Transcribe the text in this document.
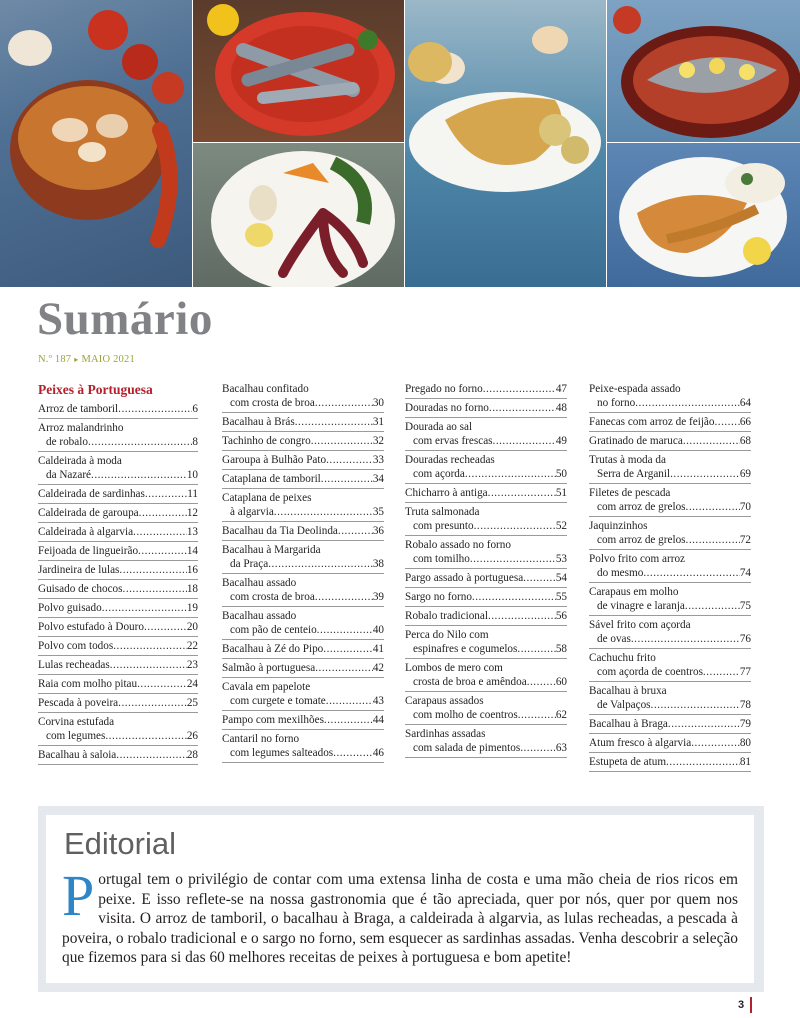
Sumário
N.º 187 ▸ MAIO 2021
Peixes à Portuguesa
Arroz de tamboril .....	6
Arroz malandrinho
de robalo .....	8
Caldeirada à moda
da Nazaré .....	10
Caldeirada de sardinhas .....	11
Caldeirada de garoupa .....	12
Caldeirada à algarvia .....	13
Feijoada de lingueirão .....	14
Jardineira de lulas .....	16
Guisado de chocos .....	18
Polvo guisado .....	19
Polvo estufado à Douro .....	20
Polvo com todos .....	22
Lulas recheadas .....	23
Raia com molho pitau .....	24
Pescada à poveira .....	25
Corvina estufada
com legumes .....	26
Bacalhau à saloia .....	28
Bacalhau confitado
com crosta de broa .....	30
Bacalhau à Brás .....	31
Tachinho de congro .....	32
Garoupa à Bulhão Pato .....	33
Cataplana de tamboril .....	34
Cataplana de peixes
à algarvia .....	35
Bacalhau da Tia Deolinda .....	36
Bacalhau à Margarida
da Praça .....	38
Bacalhau assado
com crosta de broa .....	39
Bacalhau assado
com pão de centeio .....	40
Bacalhau à Zé do Pipo .....	41
Salmão à portuguesa .....	42
Cavala em papelote
com curgete e tomate .....	43
Pampo com mexilhões .....	44
Cantaril no forno
com legumes salteados .....	46
Pregado no forno .....	47
Douradas no forno .....	48
Dourada ao sal
com ervas frescas .....	49
Douradas recheadas
com açorda .....	50
Chicharro à antiga .....	51
Truta salmonada
com presunto .....	52
Robalo assado no forno
com tomilho .....	53
Pargo assado à portuguesa .....	54
Sargo no forno .....	55
Robalo tradicional .....	56
Perca do Nilo com
espinafres e cogumelos .....	58
Lombos de mero com
crosta de broa e amêndoa .....	60
Carapaus assados
com molho de coentros .....	62
Sardinhas assadas
com salada de pimentos .....	63
Peixe-espada assado
no forno .....	64
Fanecas com arroz de feijão ..... 66
Gratinado de maruca .....	68
Trutas à moda da
Serra de Arganil .....	69
Filetes de pescada
com arroz de grelos .....	70
Jaquinzinhos
com arroz de grelos .....	72
Polvo frito com arroz
do mesmo .....	74
Carapaus em molho
de vinagre e laranja .....	75
Sável frito com açorda
de ovas .....	76
Cachuchu frito
com açorda de coentros .....	77
Bacalhau à bruxa
de Valpaços .....	78
Bacalhau à Braga .....	79
Atum fresco à algarvia .....	80
Estupeta de atum .....	81
Editorial

Portugal tem o privilégio de contar com uma extensa linha de costa e uma mão cheia de rios ricos em peixe. E isso reflete-se na nossa gastronomia que é tão apreciada, quer por nós, quer por quem nos visita. O arroz de tamboril, o bacalhau à Braga, a caldeirada à algarvia, as lulas recheadas, a pescada à poveira, o robalo tradicional e o sargo no forno, sem esquecer as sardinhas assadas. Venha descobrir a seleção que fizemos para si das 60 melhores receitas de peixes à portuguesa e bom apetite!

3
